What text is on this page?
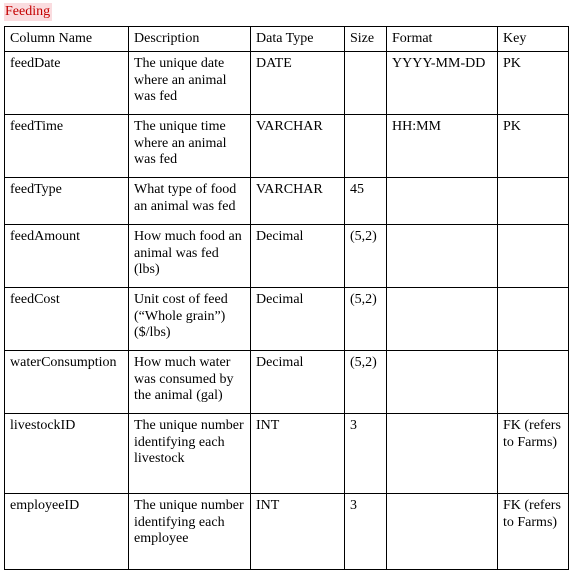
Feeding
Column Name	Description	Data Type	Size	Format	Key
feedDate	The unique date where an animal was fed	DATE		YYYY-MM-DD	PK
feedTime	The unique time where an animal was fed	VARCHAR		HH:MM	PK
feedType	What type of food an animal was fed	VARCHAR	45		
feedAmount	How much food an animal was fed (lbs)	Decimal	(5,2)		
feedCost	Unit cost of feed (“Whole grain”) ($/lbs)	Decimal	(5,2)		
waterConsumption	How much water was consumed by the animal (gal)	Decimal	(5,2)		
livestockID	The unique number identifying each livestock	INT	3		FK (refers to Farms)
employeeID	The unique number identifying each employee	INT	3		FK (refers to Farms)
